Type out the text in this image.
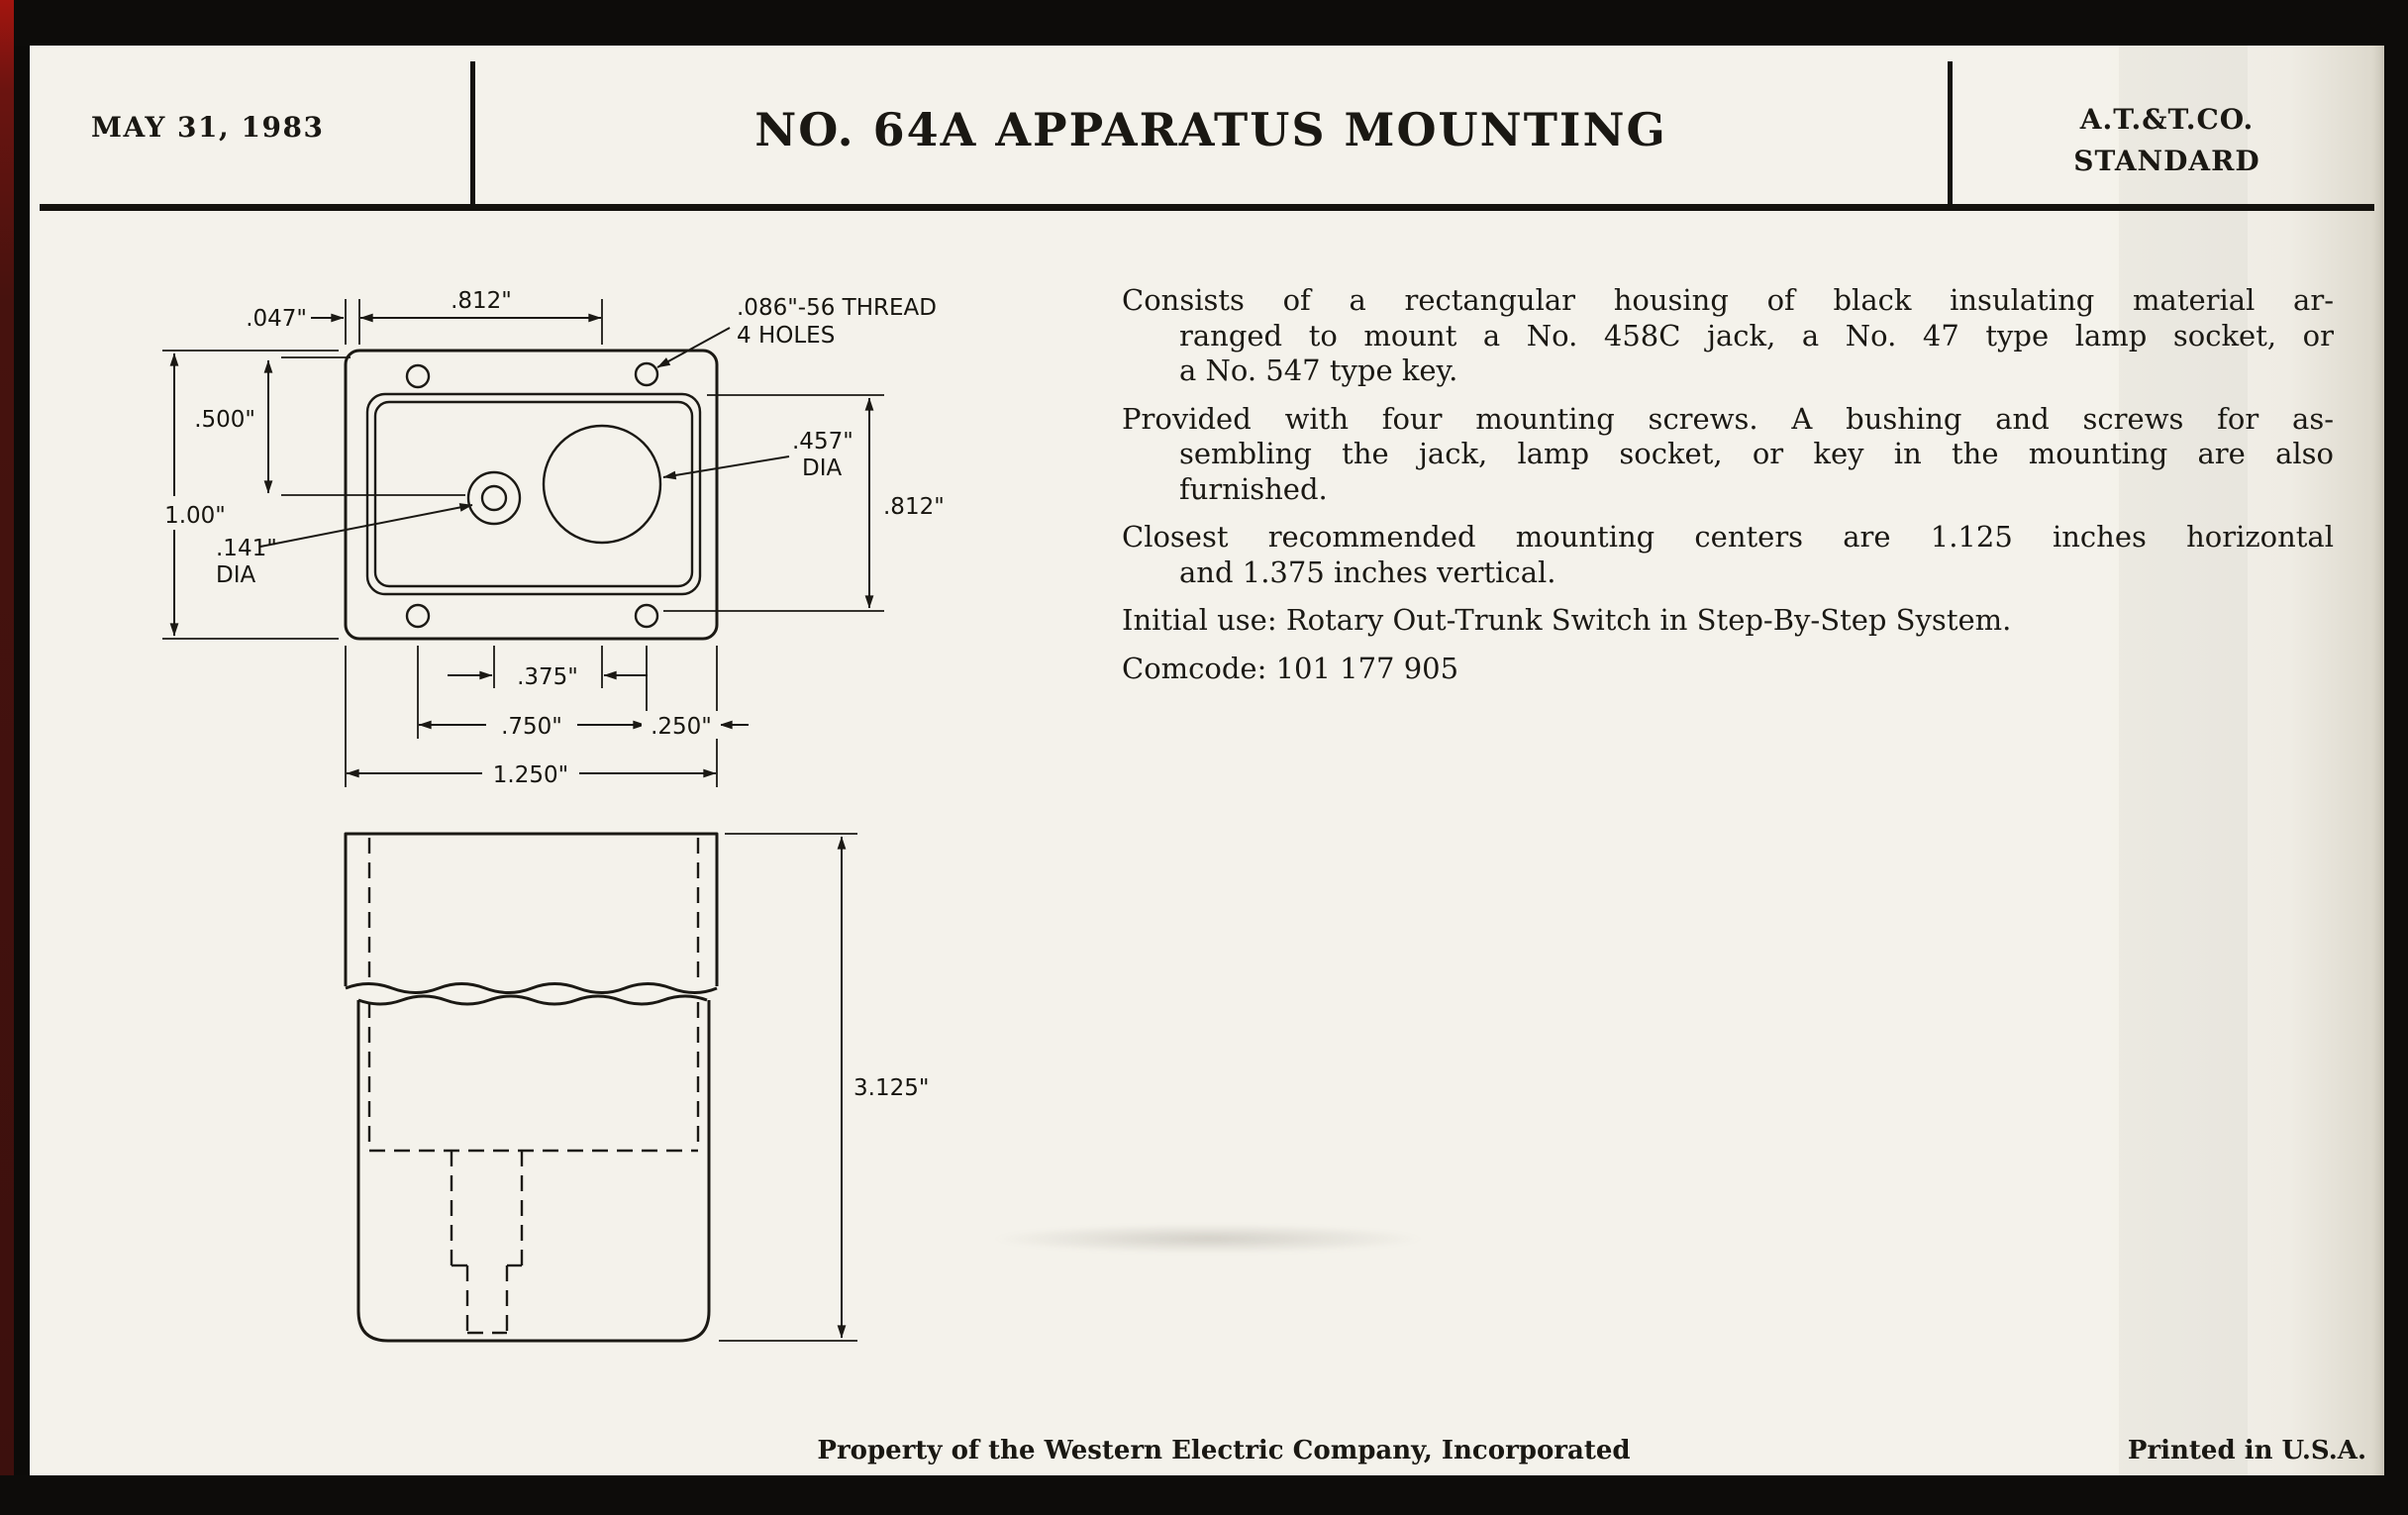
MAY 31, 1983	NO. 64A APPARATUS MOUNTING	A.T.&T.CO.
STANDARD
.047"
.812"	.086"-56 THREAD
4 HOLES
.500"
1.00"
.457"
DIA
.812"
.141"
DIA
.375"
.750"	.250"
1.250"
3.125"
Consists of a rectangular housing of black insulating material ar-
ranged to mount a No. 458C jack, a No. 47 type lamp socket, or
a No. 547 type key.
Provided with four mounting screws. A bushing and screws for as-
sembling the jack, lamp socket, or key in the mounting are also
furnished.
Closest recommended mounting centers are 1.125 inches horizontal
and 1.375 inches vertical.
Initial use: Rotary Out-Trunk Switch in Step-By-Step System.
Comcode: 101 177 905
Property of the Western Electric Company, Incorporated	Printed in U.S.A.
